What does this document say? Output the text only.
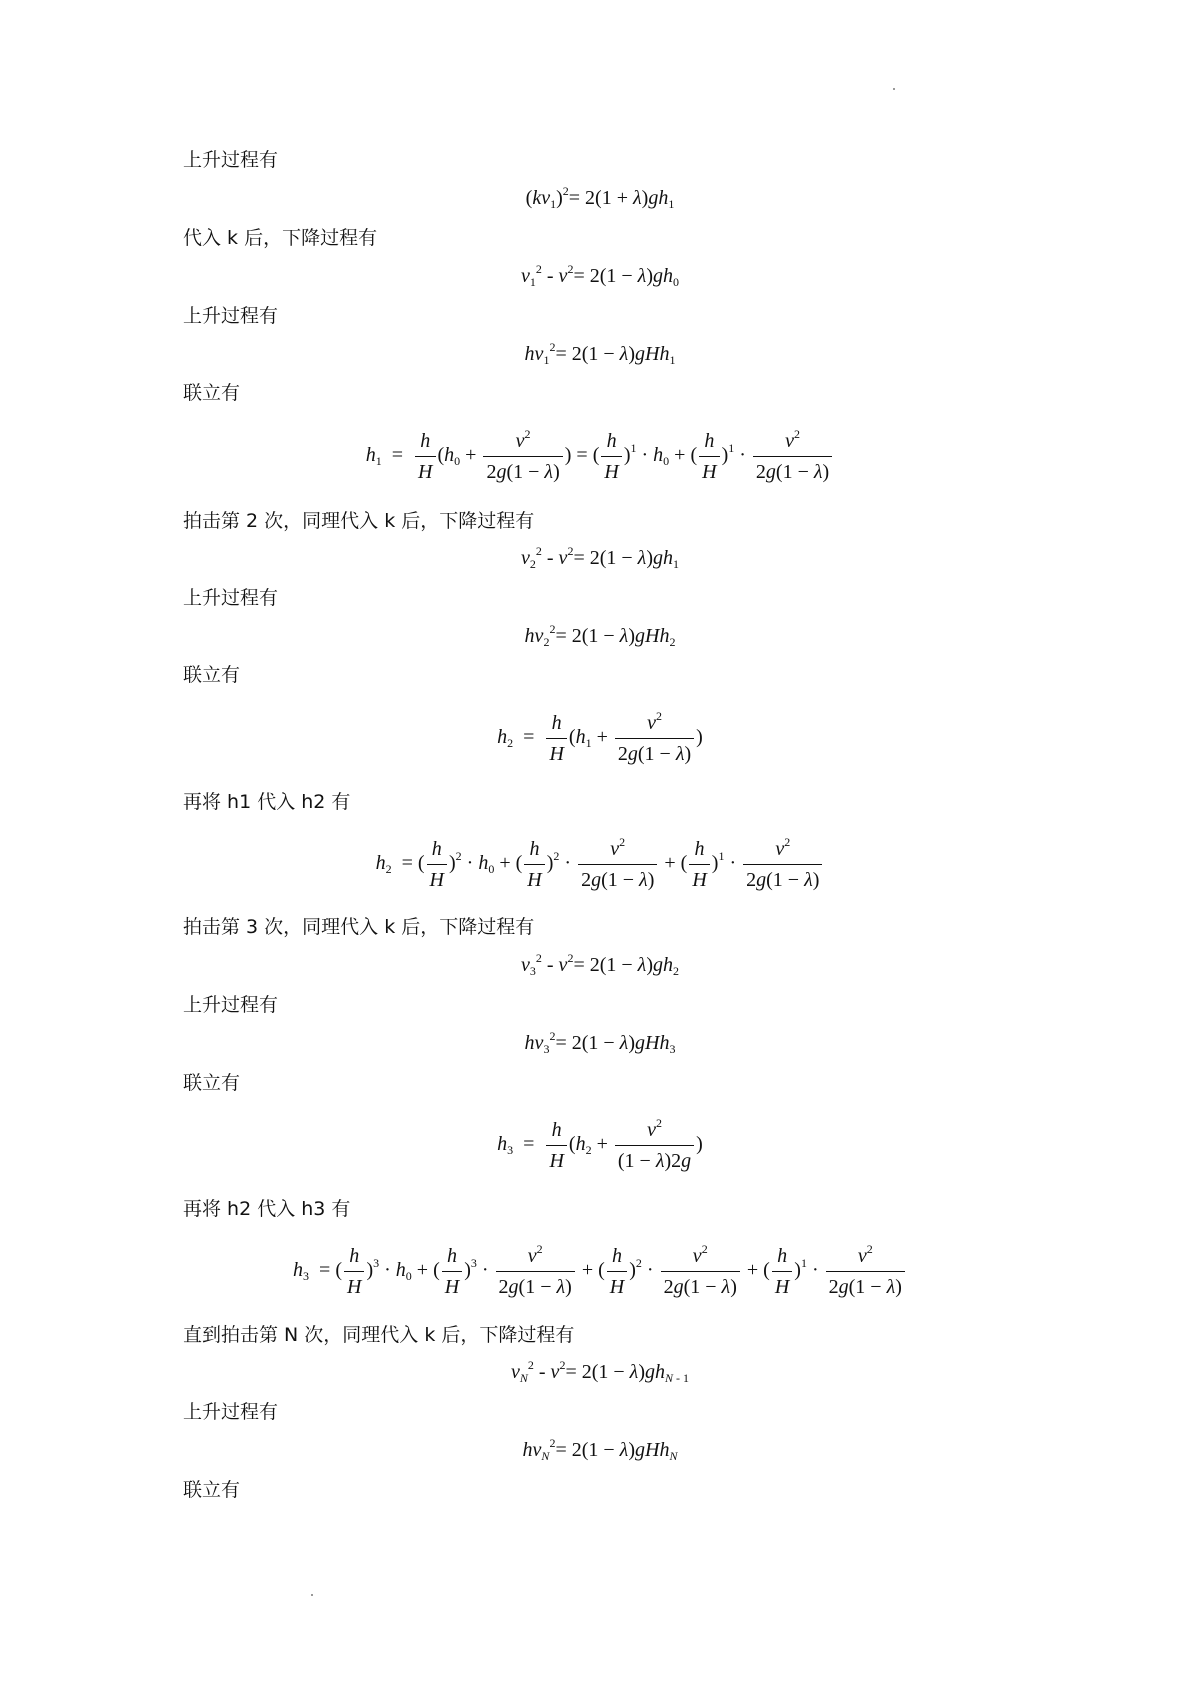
上升过程有
$(kv_1)^2= 2(1 + \lambda)gh_1$
代入 k 后，下降过程有
$v_1^2 - v^2= 2(1 - \lambda)gh_0$
上升过程有
$hv_1^2= 2(1 - \lambda)gHh_1$
联立有
$h_1 = \frac{h}{H} (h_0 + \frac{v^2}{2g(1 - \lambda)}$ ) = ( $\frac{h}{H} )^1 \cdot h_0$ + ( $\frac{h}{H} )^1 \cdot \frac{v^2}{2g(1 - \lambda)}$
拍击第 2 次，同理代入 k 后，下降过程有
$v_2^2 - v^2= 2(1 - \lambda)gh_1$
上升过程有
$hv_2^2= 2(1 - \lambda)gHh_2$
联立有
$h_2 = \frac{h}{H} (h_1 + \frac{v^2}{2g(1 - \lambda)}$ )
再将 h1 代入 h2 有
$h_2$ = ( $\frac{h}{H} )^2 \cdot h_0$ + ( $\frac{h}{H} )^2 \cdot \frac{v^2}{2g(1 - \lambda)}$ + ( $\frac{h}{H} )^1 \cdot \frac{v^2}{2g(1 - \lambda)}$
拍击第 3 次，同理代入 k 后，下降过程有
$v_3^2 - v^2= 2(1 - \lambda)gh_2$
上升过程有
$hv_3^2= 2(1 - \lambda)gHh_3$
联立有
$h_3 = \frac{h}{H} (h_2 + \frac{v^2}{(1 - \lambda)2g}$ )
再将 h2 代入 h3 有
$h_3$ = ( $\frac{h}{H} )^3 \cdot h_0$ + ( $\frac{h}{H} )^3 \cdot \frac{v^2}{2g(1 - \lambda)}$ + ( $\frac{h}{H} )^2 \cdot \frac{v^2}{2g(1 - \lambda)}$ + ( $\frac{h}{H} )^1 \cdot \frac{v^2}{2g(1 - \lambda)}$
直到拍击第 N 次，同理代入 k 后，下降过程有
$v_N^2 - v^2= 2(1 - \lambda)gh_{N - 1}$
上升过程有
$hv_N^2= 2(1 - \lambda)gHh_N$
联立有
